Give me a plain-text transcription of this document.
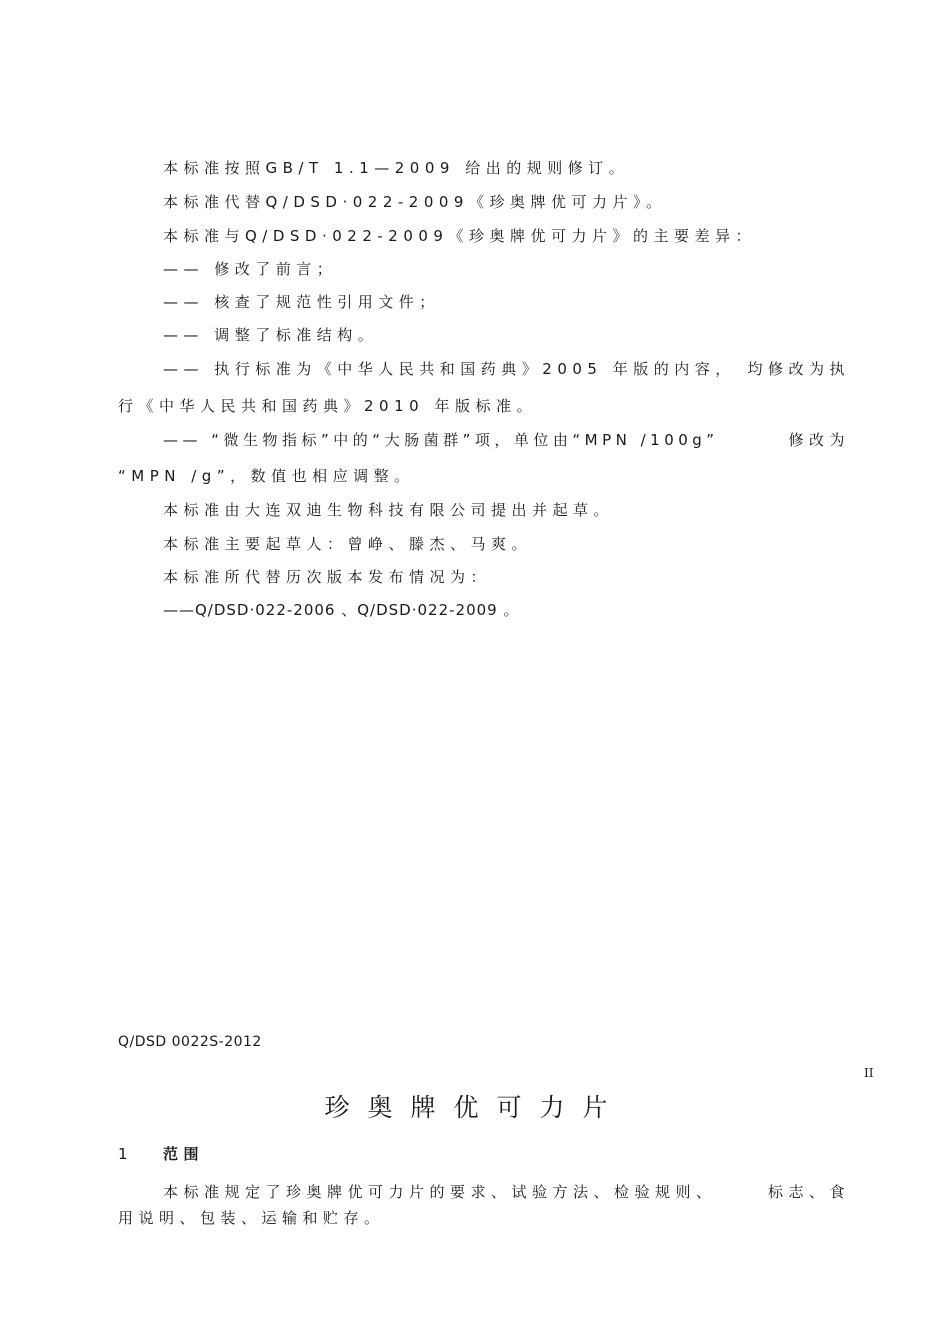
本标准按照GB/T 1.1—2009 给出的规则修订。
本标准代替Q/DSD·022-2009《珍奥牌优可力片》。
本标准与Q/DSD·022-2009《珍奥牌优可力片》的主要差异：
—— 修改了前言；
—— 核查了规范性引用文件；
—— 调整了标准结构。
—— 执行标准为《中华人民共和国药典》2005 年版的内容， 均修改为执
行《中华人民共和国药典》2010 年版标准。
—— “微生物指标”中的“大肠菌群”项，单位由“MPN /100g”	修改为
“MPN /g”，数值也相应调整。
本标准由大连双迪生物科技有限公司提出并起草。
本标准主要起草人：曾峥、滕杰、马爽。
本标准所代替历次版本发布情况为：
——Q/DSD·022-2006 、Q/DSD·022-2009 。
Q/DSD 0022S-2012
II
珍奥牌优可力片
1 范围
本标准规定了珍奥牌优可力片的要求、试验方法、检验规则、	标志、食
用说明、包装、运输和贮存。
